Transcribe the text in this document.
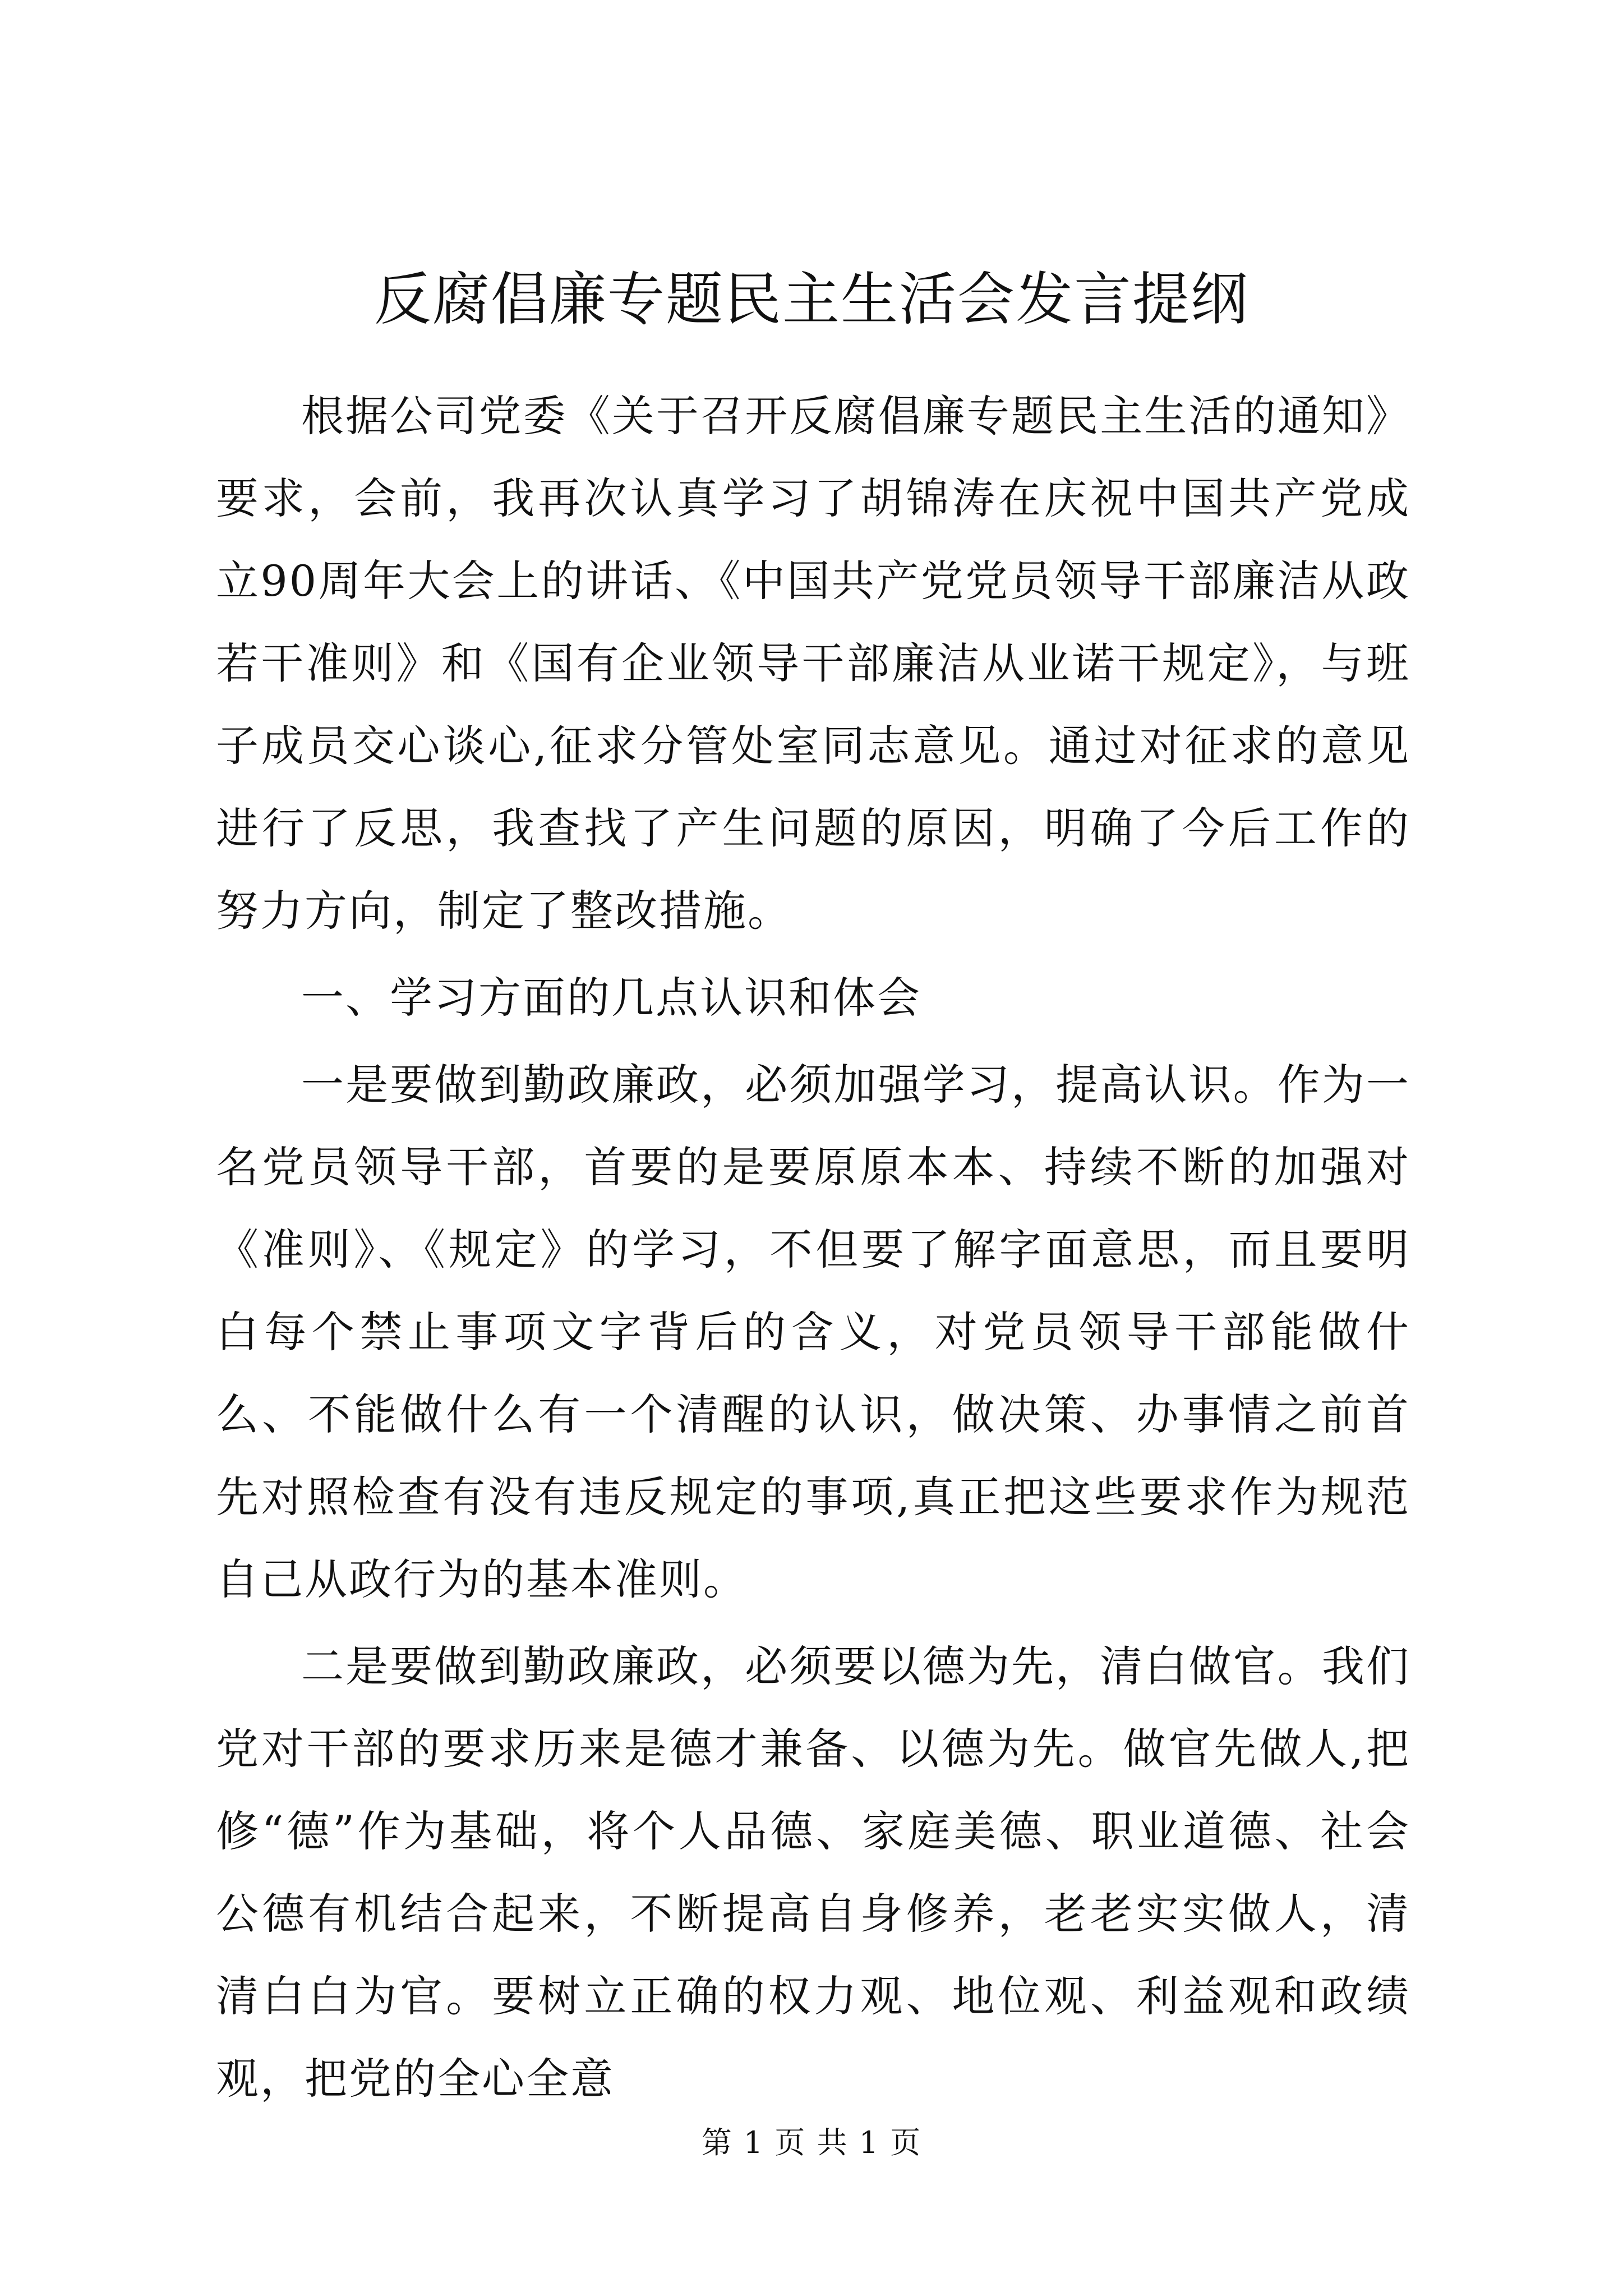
反腐倡廉专题民主生活会发言提纲

根据公司党委《关于召开反腐倡廉专题民主生活的通知》要求，会前，我再次认真学习了胡锦涛在庆祝中国共产党成立90周年大会上的讲话、《中国共产党党员领导干部廉洁从政若干准则》和《国有企业领导干部廉洁从业诺干规定》，与班子成员交心谈心,征求分管处室同志意见。通过对征求的意见进行了反思，我查找了产生问题的原因，明确了今后工作的努力方向，制定了整改措施。

一、学习方面的几点认识和体会

一是要做到勤政廉政，必须加强学习，提高认识。作为一名党员领导干部，首要的是要原原本本、持续不断的加强对《准则》、《规定》的学习，不但要了解字面意思，而且要明白每个禁止事项文字背后的含义，对党员领导干部能做什么、不能做什么有一个清醒的认识，做决策、办事情之前首先对照检查有没有违反规定的事项,真正把这些要求作为规范自己从政行为的基本准则。

二是要做到勤政廉政，必须要以德为先，清白做官。我们党对干部的要求历来是德才兼备、以德为先。做官先做人,把修“德”作为基础，将个人品德、家庭美德、职业道德、社会公德有机结合起来，不断提高自身修养，老老实实做人，清清白白为官。要树立正确的权力观、地位观、利益观和政绩观，把党的全心全意

第 1 页 共 1 页
